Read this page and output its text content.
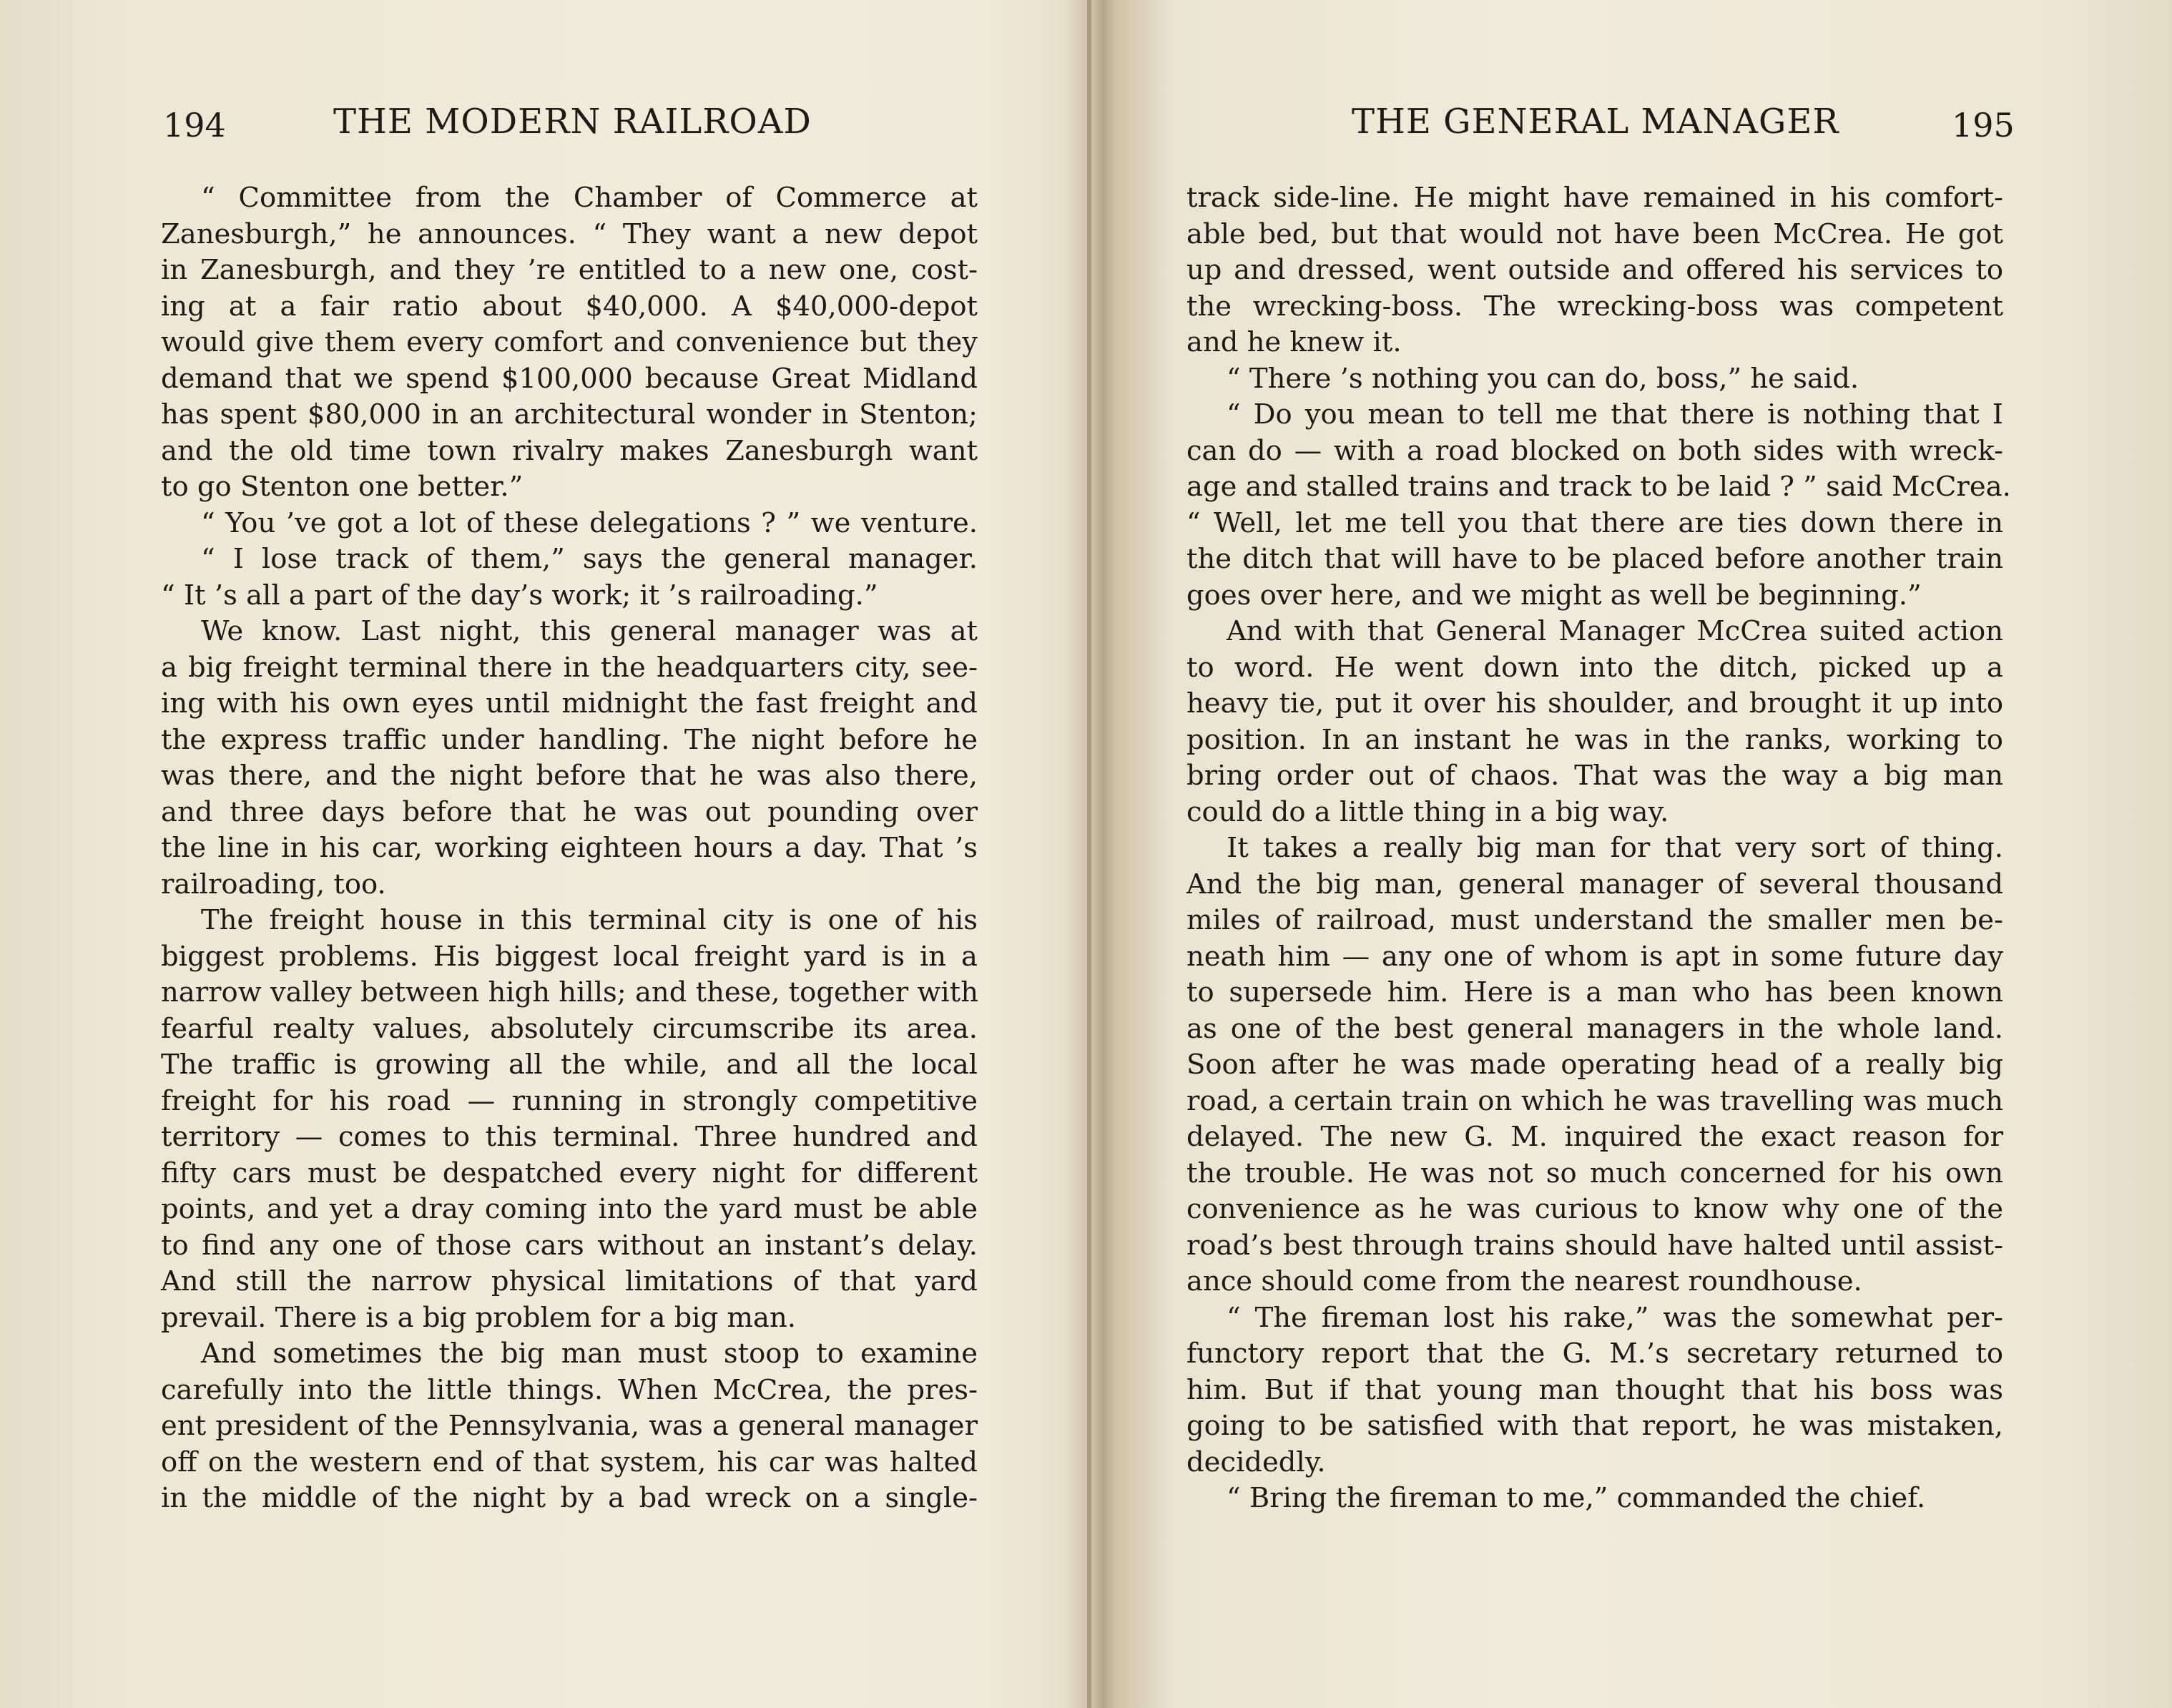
194	THE MODERN RAILROAD
“ Committee from the Chamber of Commerce at
Zanesburgh,” he announces. “ They want a new depot
in Zanesburgh, and they ’re entitled to a new one, cost-
ing at a fair ratio about $40,000. A $40,000-depot
would give them every comfort and convenience but they
demand that we spend $100,000 because Great Midland
has spent $80,000 in an architectural wonder in Stenton;
and the old time town rivalry makes Zanesburgh want
to go Stenton one better.”
“ You ’ve got a lot of these delegations ? ” we venture.
“ I lose track of them,” says the general manager.
“ It ’s all a part of the day’s work; it ’s railroading.”
We know. Last night, this general manager was at
a big freight terminal there in the headquarters city, see-
ing with his own eyes until midnight the fast freight and
the express traffic under handling. The night before he
was there, and the night before that he was also there,
and three days before that he was out pounding over
the line in his car, working eighteen hours a day. That ’s
railroading, too.
The freight house in this terminal city is one of his
biggest problems. His biggest local freight yard is in a
narrow valley between high hills; and these, together with
fearful realty values, absolutely circumscribe its area.
The traffic is growing all the while, and all the local
freight for his road — running in strongly competitive
territory — comes to this terminal. Three hundred and
fifty cars must be despatched every night for different
points, and yet a dray coming into the yard must be able
to find any one of those cars without an instant’s delay.
And still the narrow physical limitations of that yard
prevail. There is a big problem for a big man.
And sometimes the big man must stoop to examine
carefully into the little things. When McCrea, the pres-
ent president of the Pennsylvania, was a general manager
off on the western end of that system, his car was halted
in the middle of the night by a bad wreck on a single-
THE GENERAL MANAGER	195
track side-line. He might have remained in his comfort-
able bed, but that would not have been McCrea. He got
up and dressed, went outside and offered his services to
the wrecking-boss. The wrecking-boss was competent
and he knew it.
“ There ’s nothing you can do, boss,” he said.
“ Do you mean to tell me that there is nothing that I
can do — with a road blocked on both sides with wreck-
age and stalled trains and track to be laid ? ” said McCrea.
“ Well, let me tell you that there are ties down there in
the ditch that will have to be placed before another train
goes over here, and we might as well be beginning.”
And with that General Manager McCrea suited action
to word. He went down into the ditch, picked up a
heavy tie, put it over his shoulder, and brought it up into
position. In an instant he was in the ranks, working to
bring order out of chaos. That was the way a big man
could do a little thing in a big way.
It takes a really big man for that very sort of thing.
And the big man, general manager of several thousand
miles of railroad, must understand the smaller men be-
neath him — any one of whom is apt in some future day
to supersede him. Here is a man who has been known
as one of the best general managers in the whole land.
Soon after he was made operating head of a really big
road, a certain train on which he was travelling was much
delayed. The new G. M. inquired the exact reason for
the trouble. He was not so much concerned for his own
convenience as he was curious to know why one of the
road’s best through trains should have halted until assist-
ance should come from the nearest roundhouse.
“ The fireman lost his rake,” was the somewhat per-
functory report that the G. M.’s secretary returned to
him. But if that young man thought that his boss was
going to be satisfied with that report, he was mistaken,
decidedly.
“ Bring the fireman to me,” commanded the chief.
